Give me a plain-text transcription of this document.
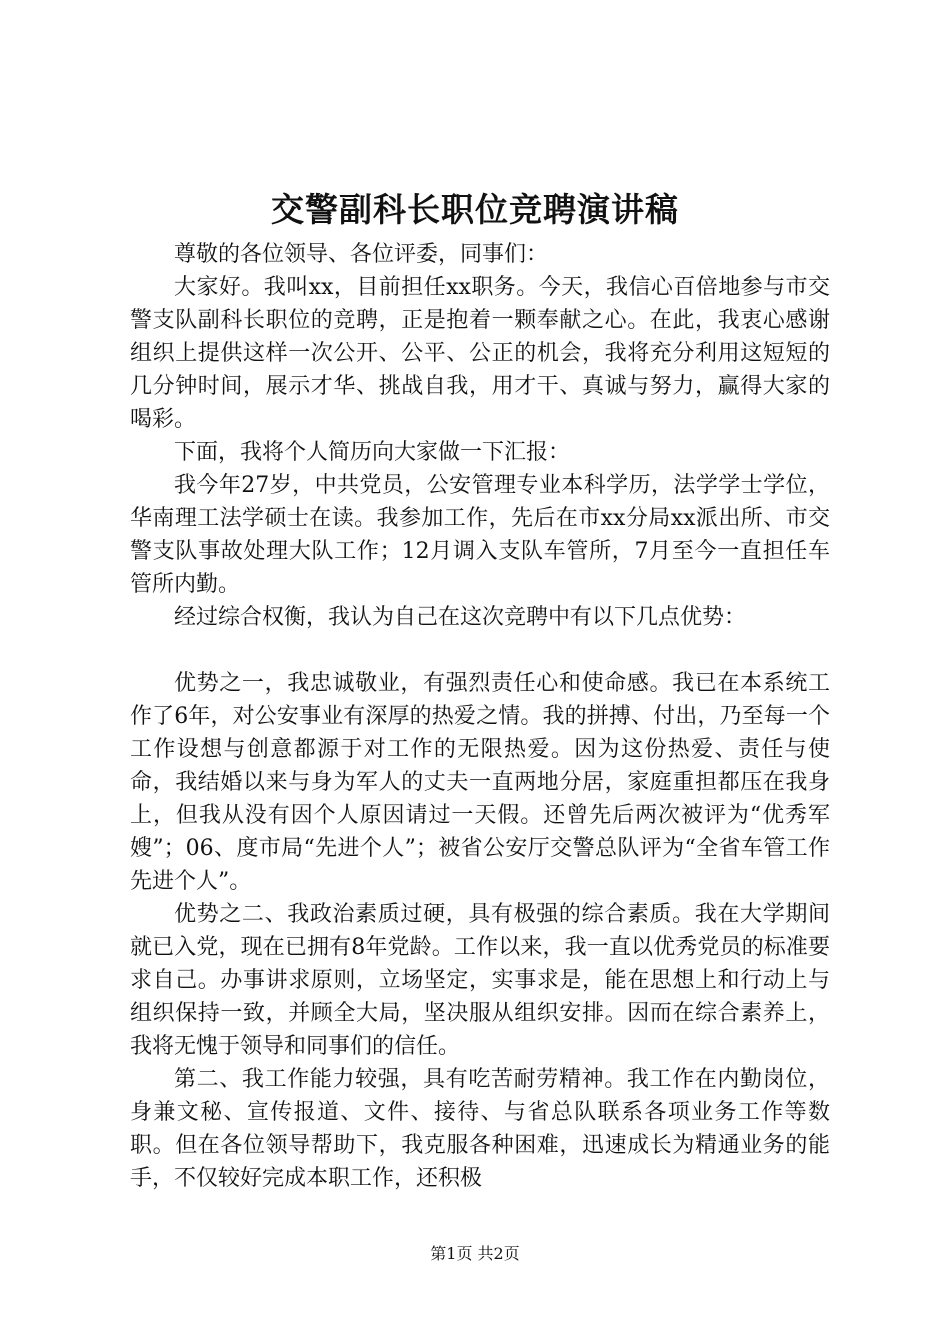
交警副科长职位竞聘演讲稿

尊敬的各位领导、各位评委，同事们：

大家好。我叫xx，目前担任xx职务。今天，我信心百倍地参与市交警支队副科长职位的竞聘，正是抱着一颗奉献之心。在此，我衷心感谢组织上提供这样一次公开、公平、公正的机会，我将充分利用这短短的几分钟时间，展示才华、挑战自我，用才干、真诚与努力，赢得大家的喝彩。

下面，我将个人简历向大家做一下汇报：

我今年27岁，中共党员，公安管理专业本科学历，法学学士学位，华南理工法学硕士在读。我参加工作，先后在市xx分局xx派出所、市交警支队事故处理大队工作；12月调入支队车管所，7月至今一直担任车管所内勤。

经过综合权衡，我认为自己在这次竞聘中有以下几点优势：

优势之一，我忠诚敬业，有强烈责任心和使命感。我已在本系统工作了6年，对公安事业有深厚的热爱之情。我的拼搏、付出，乃至每一个工作设想与创意都源于对工作的无限热爱。因为这份热爱、责任与使命，我结婚以来与身为军人的丈夫一直两地分居，家庭重担都压在我身上，但我从没有因个人原因请过一天假。还曾先后两次被评为“优秀军嫂”；06、度市局“先进个人”；被省公安厅交警总队评为“全省车管工作先进个人”。

优势之二、我政治素质过硬，具有极强的综合素质。我在大学期间就已入党，现在已拥有8年党龄。工作以来，我一直以优秀党员的标准要求自己。办事讲求原则，立场坚定，实事求是，能在思想上和行动上与组织保持一致，并顾全大局，坚决服从组织安排。因而在综合素养上，我将无愧于领导和同事们的信任。

第二、我工作能力较强，具有吃苦耐劳精神。我工作在内勤岗位，身兼文秘、宣传报道、文件、接待、与省总队联系各项业务工作等数职。但在各位领导帮助下，我克服各种困难，迅速成长为精通业务的能手，不仅较好完成本职工作，还积极

第1页 共2页
